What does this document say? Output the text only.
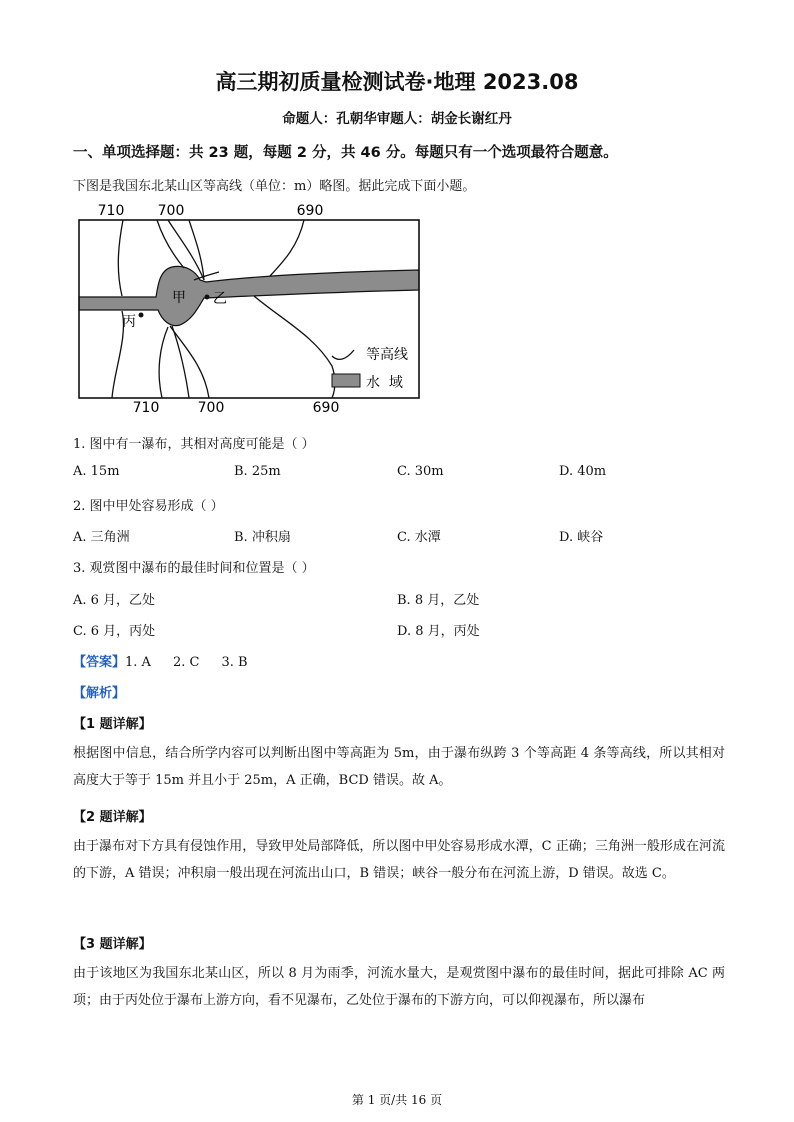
高三期初质量检测试卷·地理 2023.08
命题人：孔朝华审题人：胡金长谢红丹
一、单项选择题：共 23 题，每题 2 分，共 46 分。每题只有一个选项最符合题意。
下图是我国东北某山区等高线（单位：m）略图。据此完成下面小题。
710 700	690
甲 乙
丙
等高线
水  域
710	700	690
1. 图中有一瀑布，其相对高度可能是（ ）
A. 15m	B. 25m	C. 30m	D. 40m
2. 图中甲处容易形成（ ）
A. 三角洲	B. 冲积扇	C. 水潭	D. 峡谷
3. 观赏图中瀑布的最佳时间和位置是（ ）
A. 6 月，乙处	B. 8 月，乙处
C. 6 月，丙处	D. 8 月，丙处
【答案】1. A 2. C 3. B
【解析】
【1 题详解】
根据图中信息，结合所学内容可以判断出图中等高距为 5m，由于瀑布纵跨 3 个等高距 4 条等高线，所以其相对高度大于等于 15m 并且小于 25m，A 正确，BCD 错误。故 A。
【2 题详解】
由于瀑布对下方具有侵蚀作用，导致甲处局部降低，所以图中甲处容易形成水潭，C 正确；三角洲一般形成在河流的下游，A 错误；冲积扇一般出现在河流出山口，B 错误；峡谷一般分布在河流上游，D 错误。故选 C。
【3 题详解】
由于该地区为我国东北某山区，所以 8 月为雨季，河流水量大，是观赏图中瀑布的最佳时间，据此可排除 AC 两项；由于丙处位于瀑布上游方向，看不见瀑布，乙处位于瀑布的下游方向，可以仰视瀑布，所以瀑布
第 1 页/共 16 页
